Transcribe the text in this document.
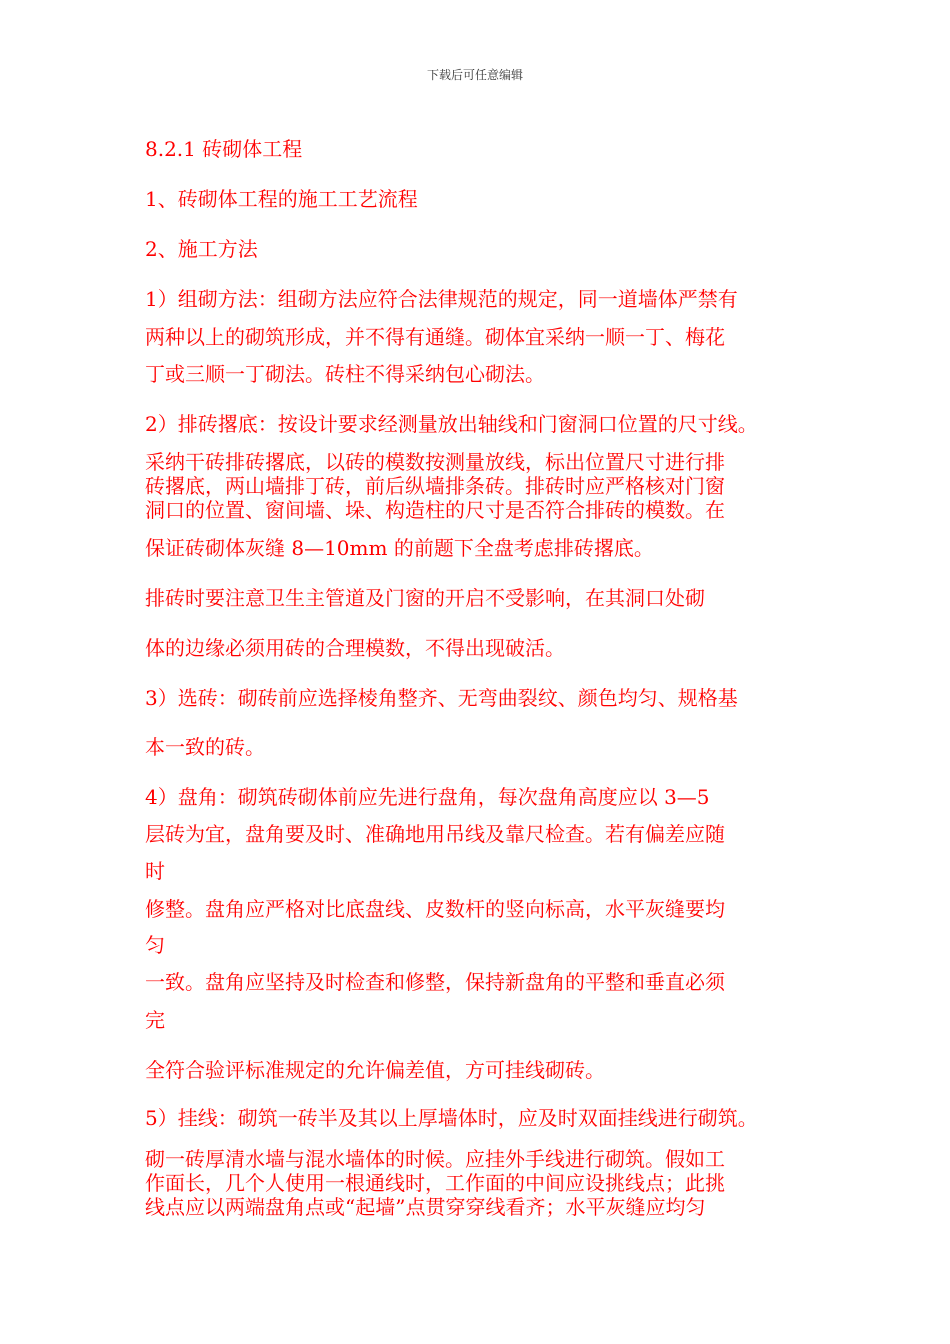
下载后可任意编辑

8.2.1 砖砌体工程

1、砖砌体工程的施工工艺流程

2、施工方法

1）组砌方法：组砌方法应符合法律规范的规定，同一道墙体严禁有

两种以上的砌筑形成，并不得有通缝。砌体宜采纳一顺一丁、梅花

丁或三顺一丁砌法。砖柱不得采纳包心砌法。

2）排砖撂底：按设计要求经测量放出轴线和门窗洞口位置的尺寸线。

采纳干砖排砖撂底，以砖的模数按测量放线，标出位置尺寸进行排

砖撂底，两山墙排丁砖，前后纵墙排条砖。排砖时应严格核对门窗

洞口的位置、窗间墙、垛、构造柱的尺寸是否符合排砖的模数。在

保证砖砌体灰缝 8—10mm 的前题下全盘考虑排砖撂底。

排砖时要注意卫生主管道及门窗的开启不受影响，在其洞口处砌

体的边缘必须用砖的合理模数，不得出现破活。

3）选砖：砌砖前应选择棱角整齐、无弯曲裂纹、颜色均匀、规格基

本一致的砖。

4）盘角：砌筑砖砌体前应先进行盘角，每次盘角高度应以 3—5

层砖为宜，盘角要及时、准确地用吊线及靠尺检查。若有偏差应随

时

修整。盘角应严格对比底盘线、皮数杆的竖向标高，水平灰缝要均

匀

一致。盘角应坚持及时检查和修整，保持新盘角的平整和垂直必须

完

全符合验评标准规定的允许偏差值，方可挂线砌砖。

5）挂线：砌筑一砖半及其以上厚墙体时，应及时双面挂线进行砌筑。

砌一砖厚清水墙与混水墙体的时候。应挂外手线进行砌筑。假如工

作面长，几个人使用一根通线时，工作面的中间应设挑线点；此挑

线点应以两端盘角点或“起墙”点贯穿穿线看齐；水平灰缝应均匀
